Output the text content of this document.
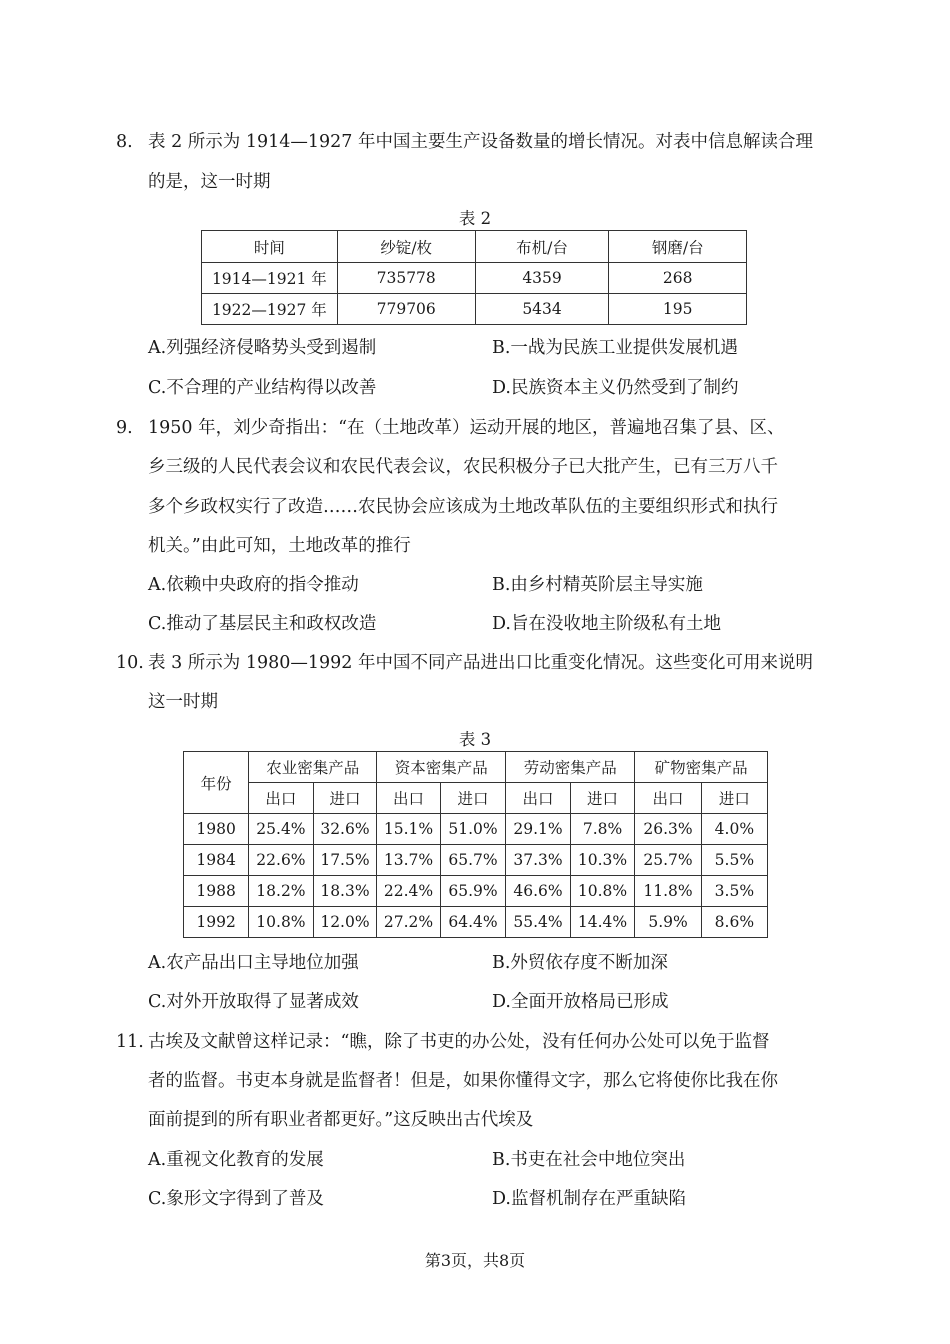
8. 表 2 所示为 1914—1927 年中国主要生产设备数量的增长情况。对表中信息解读合理
的是，这一时期
表 2
时间	纱锭/枚	布机/台	钢磨/台
1914—1921 年	735778	4359	268
1922—1927 年	779706	5434	195
A.列强经济侵略势头受到遏制	B.一战为民族工业提供发展机遇
C.不合理的产业结构得以改善	D.民族资本主义仍然受到了制约
9. 1950 年，刘少奇指出：“在（土地改革）运动开展的地区，普遍地召集了县、区、
乡三级的人民代表会议和农民代表会议，农民积极分子已大批产生，已有三万八千
多个乡政权实行了改造……农民协会应该成为土地改革队伍的主要组织形式和执行
机关。”由此可知，土地改革的推行
A.依赖中央政府的指令推动	B.由乡村精英阶层主导实施
C.推动了基层民主和政权改造	D.旨在没收地主阶级私有土地
10. 表 3 所示为 1980—1992 年中国不同产品进出口比重变化情况。这些变化可用来说明
这一时期
表 3
年份	农业密集产品		资本密集产品		劳动密集产品		矿物密集产品	
	出口	进口	出口	进口	出口	进口	出口	进口
1980	25.4%	32.6%	15.1%	51.0%	29.1%	7.8%	26.3%	4.0%
1984	22.6%	17.5%	13.7%	65.7%	37.3%	10.3%	25.7%	5.5%
1988	18.2%	18.3%	22.4%	65.9%	46.6%	10.8%	11.8%	3.5%
1992	10.8%	12.0%	27.2%	64.4%	55.4%	14.4%	5.9%	8.6%
A.农产品出口主导地位加强	B.外贸依存度不断加深
C.对外开放取得了显著成效	D.全面开放格局已形成
11. 古埃及文献曾这样记录：“瞧，除了书吏的办公处，没有任何办公处可以免于监督
者的监督。书吏本身就是监督者！但是，如果你懂得文字，那么它将使你比我在你
面前提到的所有职业者都更好。”这反映出古代埃及
A.重视文化教育的发展	B.书吏在社会中地位突出
C.象形文字得到了普及	D.监督机制存在严重缺陷
第3页，共8页
